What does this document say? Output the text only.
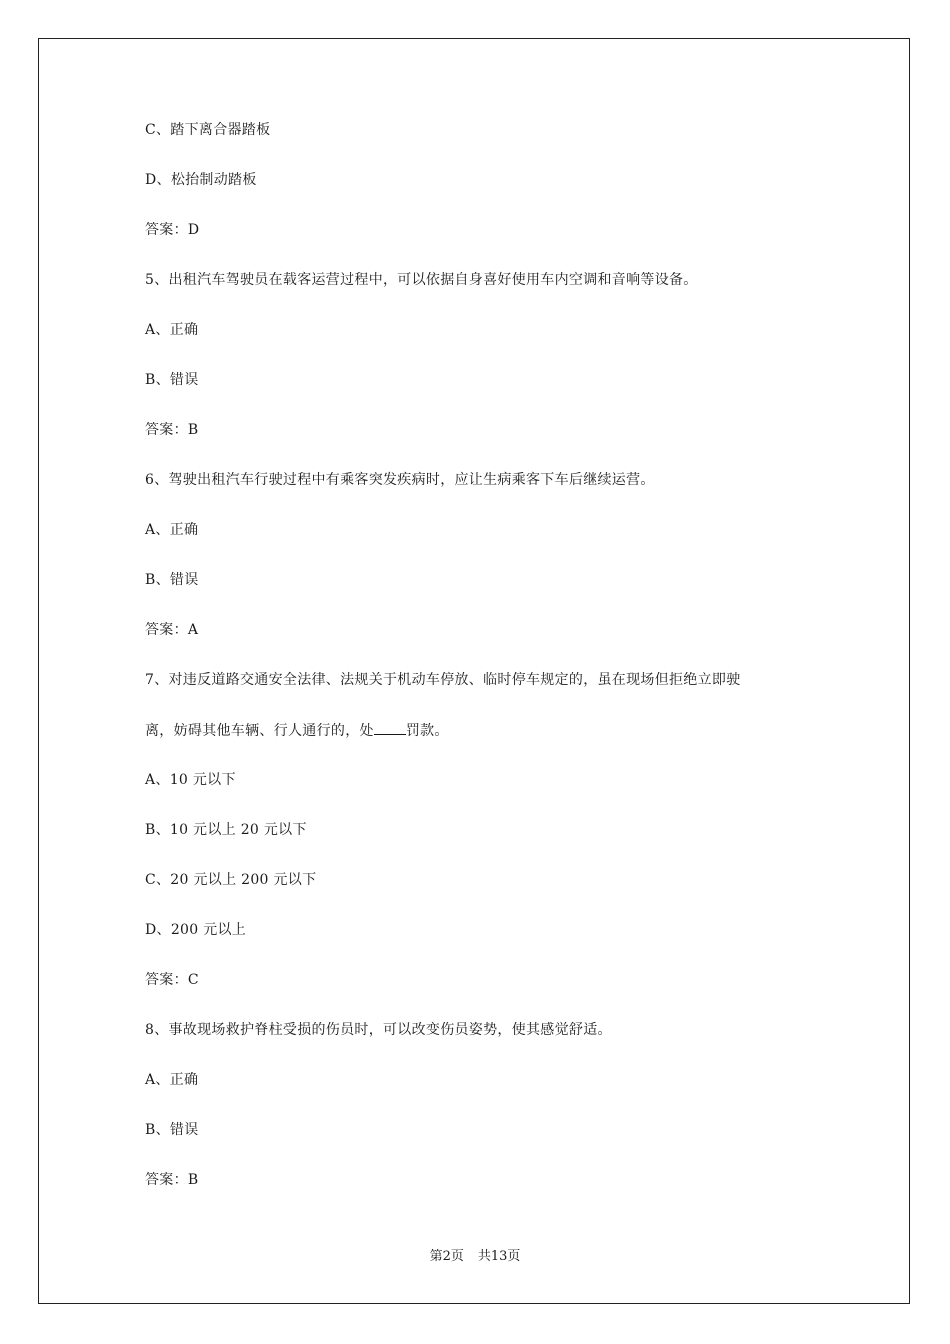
C、踏下离合器踏板
D、松抬制动踏板
答案：D
5、出租汽车驾驶员在载客运营过程中，可以依据自身喜好使用车内空调和音响等设备。
A、正确
B、错误
答案：B
6、驾驶出租汽车行驶过程中有乘客突发疾病时，应让生病乘客下车后继续运营。
A、正确
B、错误
答案：A
7、对违反道路交通安全法律、法规关于机动车停放、临时停车规定的，虽在现场但拒绝立即驶
离，妨碍其他车辆、行人通行的，处 罚款。
A、10 元以下
B、10 元以上 20 元以下
C、20 元以上 200 元以下
D、200 元以上
答案：C
8、事故现场救护脊柱受损的伤员时，可以改变伤员姿势，使其感觉舒适。
A、正确
B、错误
答案：B
第2页 共13页
